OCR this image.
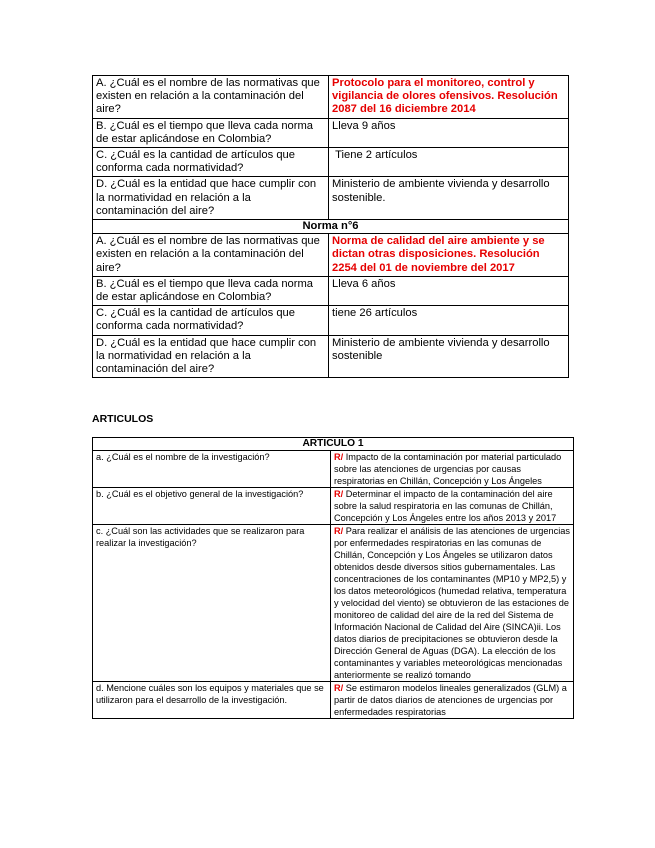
A. ¿Cuál es el nombre de las normativas que existen en relación a la contaminación del aire?	Protocolo para el monitoreo, control y vigilancia de olores ofensivos. Resolución 2087 del 16 diciembre 2014
B. ¿Cuál es el tiempo que lleva cada norma de estar aplicándose en Colombia?	Lleva 9 años
C. ¿Cuál es la cantidad de artículos que conforma cada normatividad?	Tiene 2 artículos
D. ¿Cuál es la entidad que hace cumplir con la normatividad en relación a la contaminación del aire?	Ministerio de ambiente vivienda y desarrollo sostenible.
Norma n°6	
A. ¿Cuál es el nombre de las normativas que existen en relación a la contaminación del aire?	Norma de calidad del aire ambiente y se dictan otras disposiciones. Resolución 2254 del 01 de noviembre del 2017
B. ¿Cuál es el tiempo que lleva cada norma de estar aplicándose en Colombia?	Lleva 6 años
C. ¿Cuál es la cantidad de artículos que conforma cada normatividad?	tiene 26 artículos
D. ¿Cuál es la entidad que hace cumplir con la normatividad en relación a la contaminación del aire?	Ministerio de ambiente vivienda y desarrollo sostenible
ARTICULOS
ARTICULO 1	
a. ¿Cuál es el nombre de la investigación?	R/ Impacto de la contaminación por material particulado sobre las atenciones de urgencias por causas respiratorias en Chillán, Concepción y Los Ángeles
b. ¿Cuál es el objetivo general de la investigación?	R/ Determinar el impacto de la contaminación del aire sobre la salud respiratoria en las comunas de Chillán, Concepción y Los Ángeles entre los años 2013 y 2017
c. ¿Cuál son las actividades que se realizaron para realizar la investigación?	R/ Para realizar el análisis de las atenciones de urgencias por enfermedades respiratorias en las comunas de Chillán, Concepción y Los Ángeles se utilizaron datos obtenidos desde diversos sitios gubernamentales. Las concentraciones de los contaminantes (MP10 y MP2,5) y los datos meteorológicos (humedad relativa, temperatura y velocidad del viento) se obtuvieron de las estaciones de monitoreo de calidad del aire de la red del Sistema de Información Nacional de Calidad del Aire (SINCA)ii. Los datos diarios de precipitaciones se obtuvieron desde la Dirección General de Aguas (DGA). La elección de los contaminantes y variables meteorológicas mencionadas anteriormente se realizó tomando
d. Mencione cuáles son los equipos y materiales que se utilizaron para el desarrollo de la investigación.	R/ Se estimaron modelos lineales generalizados (GLM) a partir de datos diarios de atenciones de urgencias por enfermedades respiratorias
